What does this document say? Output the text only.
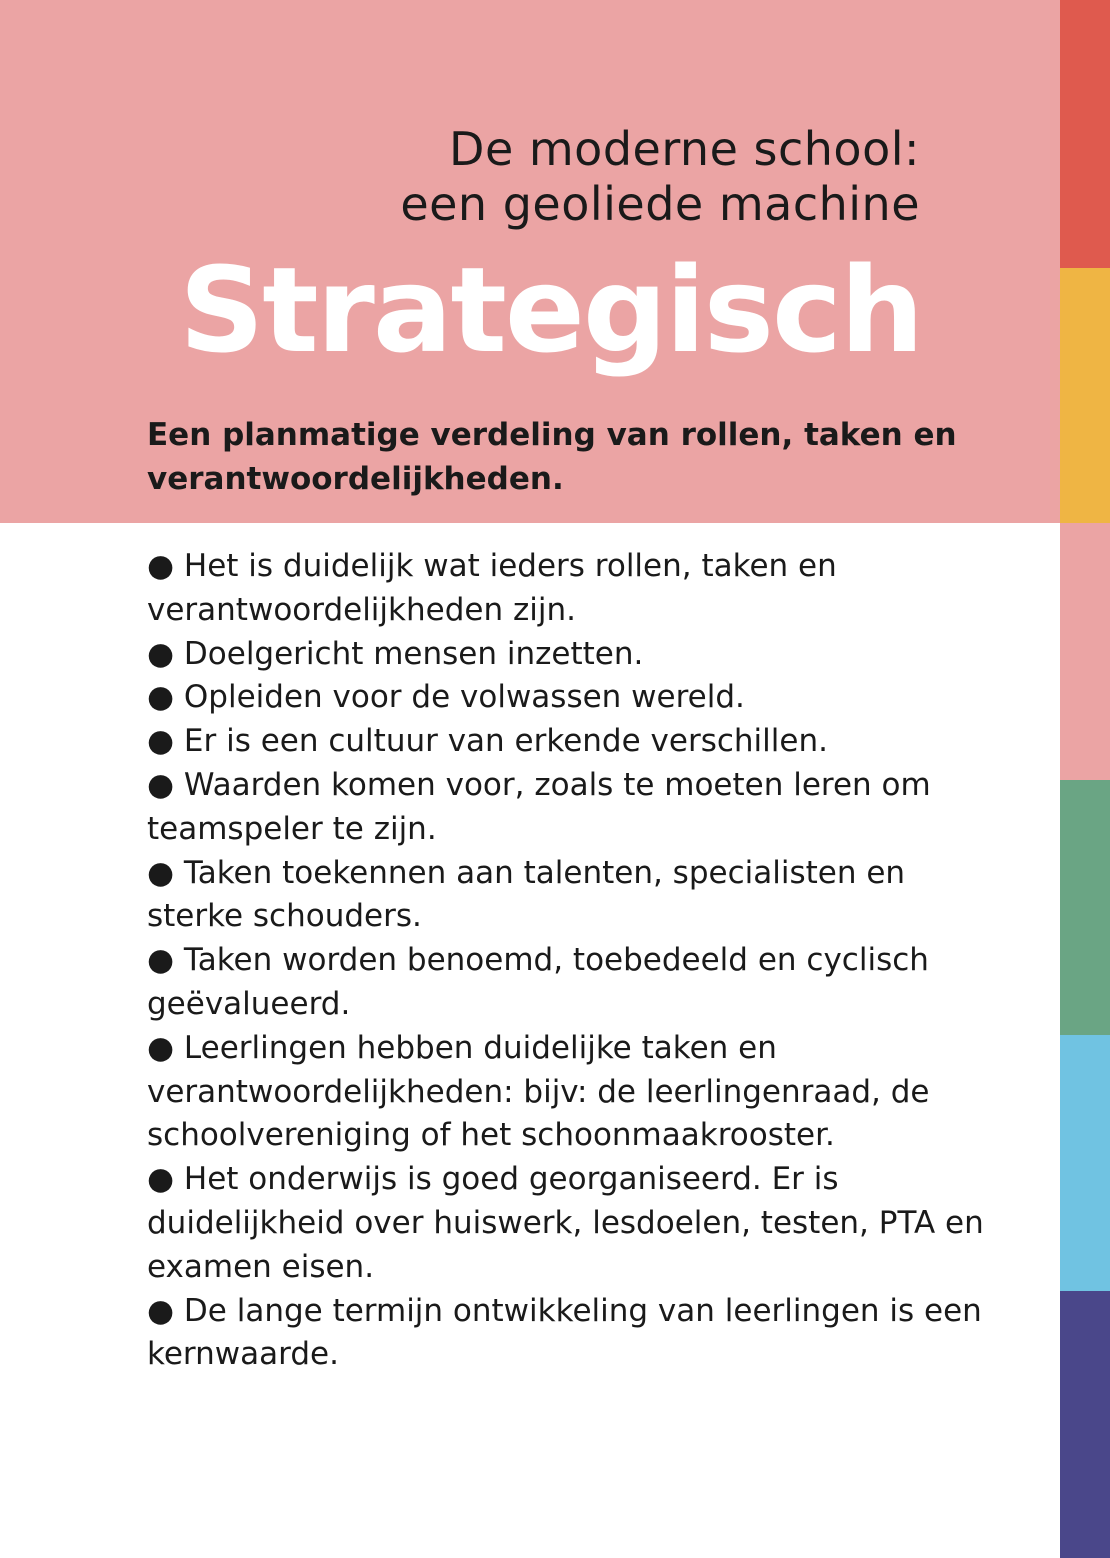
De moderne school:
een geoliede machine
Strategisch
Een planmatige verdeling van rollen, taken en verantwoordelijkheden.
● Het is duidelijk wat ieders rollen, taken en verantwoordelijkheden zijn.
● Doelgericht mensen inzetten.
● Opleiden voor de volwassen wereld.
● Er is een cultuur van erkende verschillen.
● Waarden komen voor, zoals te moeten leren om teamspeler te zijn.
● Taken toekennen aan talenten, specialisten en sterke schouders.
● Taken worden benoemd, toebedeeld en cyclisch geëvalueerd.
● Leerlingen hebben duidelijke taken en verantwoordelijkheden: bijv: de leerlingenraad, de schoolvereniging of het schoonmaakrooster.
● Het onderwijs is goed georganiseerd. Er is duidelijkheid over huiswerk, lesdoelen, testen, PTA en examen eisen.
● De lange termijn ontwikkeling van leerlingen is een kernwaarde.
